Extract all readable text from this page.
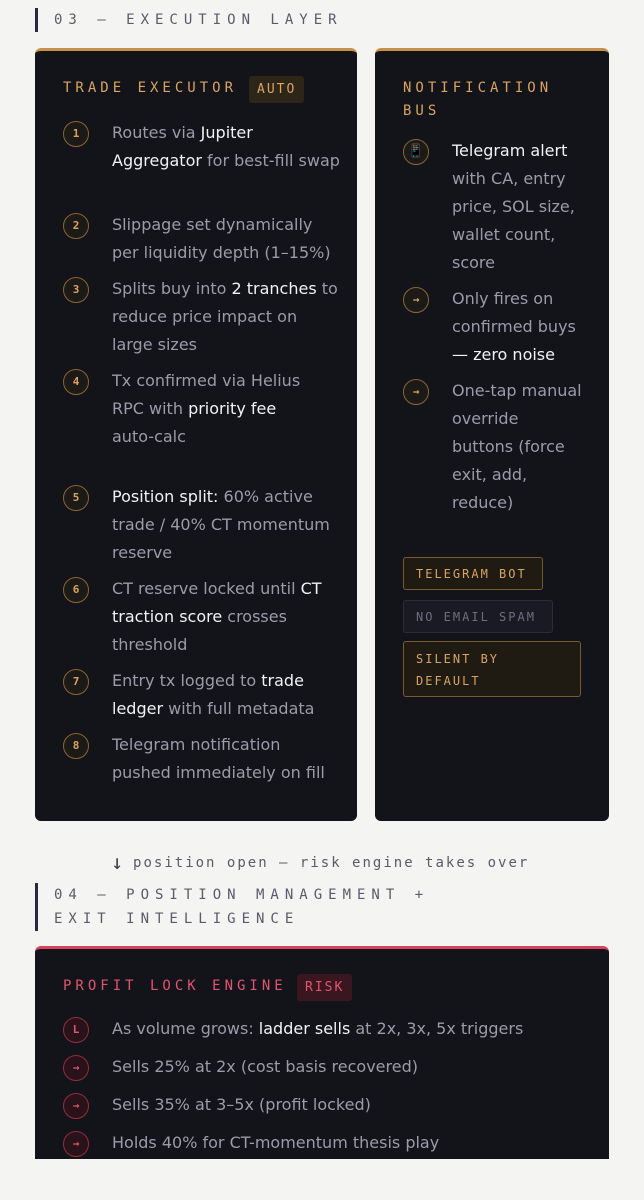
03 — EXECUTION LAYER
TRADE EXECUTOR	AUTO
1	Routes via Jupiter Aggregator for best-fill swap
2	Slippage set dynamically per liquidity depth (1–15%)
3	Splits buy into 2 tranches to reduce price impact on large sizes
4	Tx confirmed via Helius RPC with priority fee auto-calc
5	Position split: 60% active trade / 40% CT momentum reserve
6	CT reserve locked until CT traction score crosses threshold
7	Entry tx logged to trade ledger with full metadata
8	Telegram notification pushed immediately on fill
NOTIFICATION BUS
📱	Telegram alert with CA, entry price, SOL size, wallet count, score
→	Only fires on confirmed buys — zero noise
→	One-tap manual override buttons (force exit, add, reduce)
TELEGRAM BOT
NO EMAIL SPAM
SILENT BY DEFAULT
↓ position open — risk engine takes over
04 — POSITION MANAGEMENT + EXIT INTELLIGENCE
PROFIT LOCK ENGINE	RISK
L	As volume grows: ladder sells at 2x, 3x, 5x triggers
→	Sells 25% at 2x (cost basis recovered)
→	Sells 35% at 3–5x (profit locked)
→	Holds 40% for CT-momentum thesis play
